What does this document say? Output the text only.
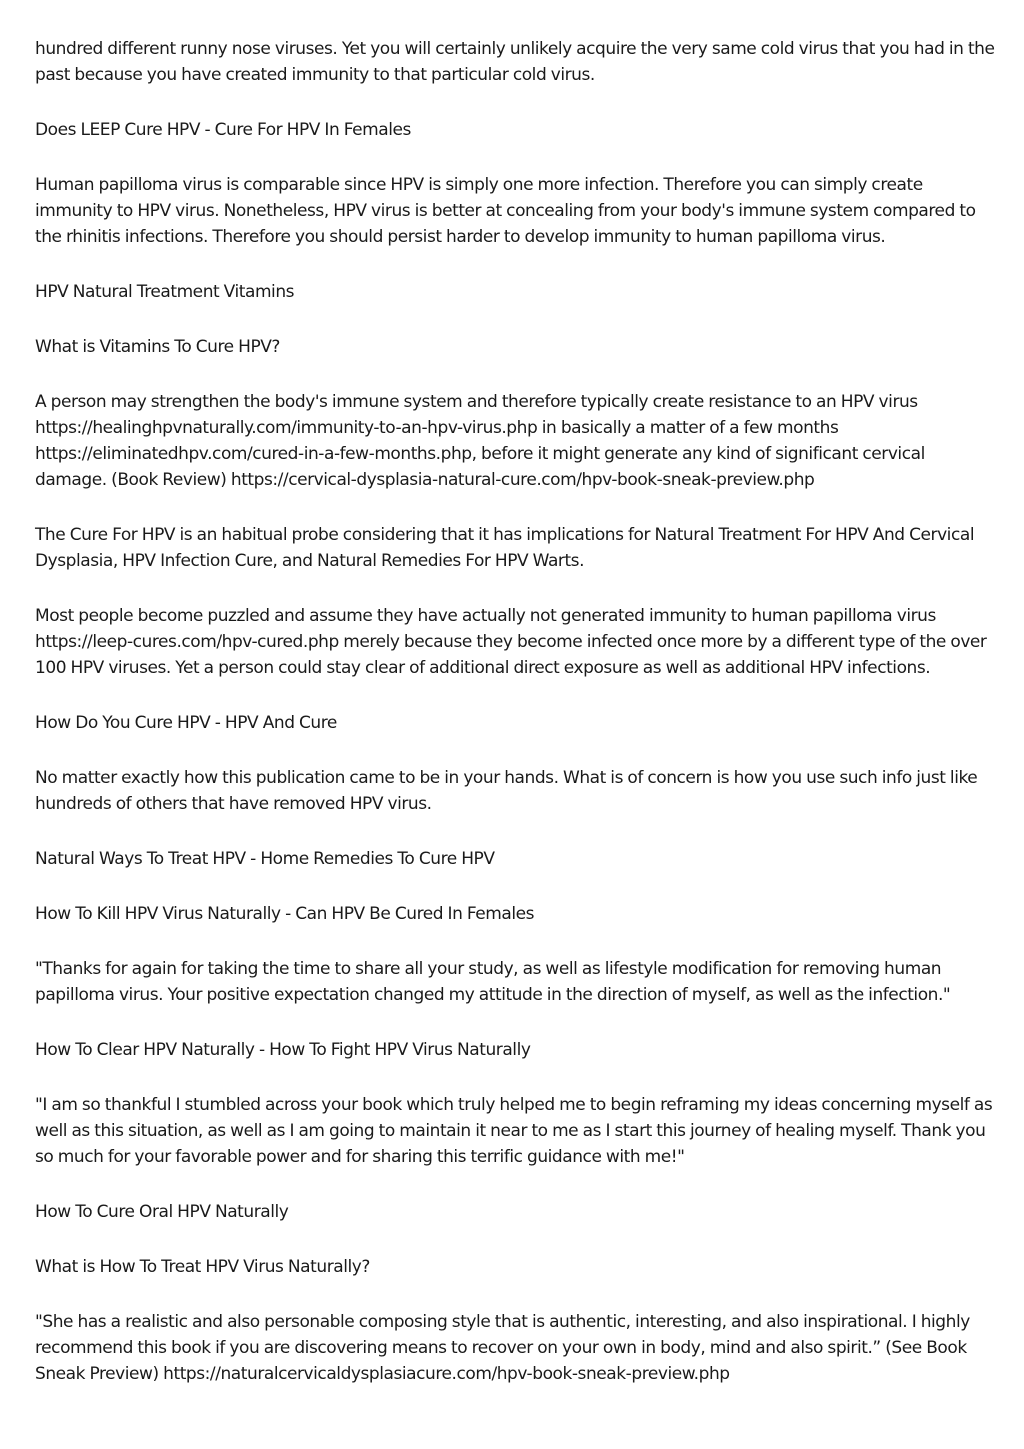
hundred different runny nose viruses. Yet you will certainly unlikely acquire the very same cold virus that you had in the past because you have created immunity to that particular cold virus.

Does LEEP Cure HPV - Cure For HPV In Females

Human papilloma virus is comparable since HPV is simply one more infection. Therefore you can simply create immunity to HPV virus. Nonetheless, HPV virus is better at concealing from your body's immune system compared to the rhinitis infections. Therefore you should persist harder to develop immunity to human papilloma virus.

HPV Natural Treatment Vitamins

What is Vitamins To Cure HPV?

A person may strengthen the body's immune system and therefore typically create resistance to an HPV virus https://healinghpvnaturally.com/immunity-to-an-hpv-virus.php in basically a matter of a few months https://eliminatedhpv.com/cured-in-a-few-months.php, before it might generate any kind of significant cervical damage. (Book Review) https://cervical-dysplasia-natural-cure.com/hpv-book-sneak-preview.php

The Cure For HPV is an habitual probe considering that it has implications for Natural Treatment For HPV And Cervical Dysplasia, HPV Infection Cure, and Natural Remedies For HPV Warts.

Most people become puzzled and assume they have actually not generated immunity to human papilloma virus https://leep-cures.com/hpv-cured.php merely because they become infected once more by a different type of the over 100 HPV viruses. Yet a person could stay clear of additional direct exposure as well as additional HPV infections.

How Do You Cure HPV - HPV And Cure

No matter exactly how this publication came to be in your hands. What is of concern is how you use such info just like hundreds of others that have removed HPV virus.

Natural Ways To Treat HPV - Home Remedies To Cure HPV

How To Kill HPV Virus Naturally - Can HPV Be Cured In Females

"Thanks for again for taking the time to share all your study, as well as lifestyle modification for removing human papilloma virus. Your positive expectation changed my attitude in the direction of myself, as well as the infection."

How To Clear HPV Naturally - How To Fight HPV Virus Naturally

"I am so thankful I stumbled across your book which truly helped me to begin reframing my ideas concerning myself as well as this situation, as well as I am going to maintain it near to me as I start this journey of healing myself. Thank you so much for your favorable power and for sharing this terrific guidance with me!"

How To Cure Oral HPV Naturally

What is How To Treat HPV Virus Naturally?

"She has a realistic and also personable composing style that is authentic, interesting, and also inspirational. I highly recommend this book if you are discovering means to recover on your own in body, mind and also spirit.” (See Book Sneak Preview) https://naturalcervicaldysplasiacure.com/hpv-book-sneak-preview.php
